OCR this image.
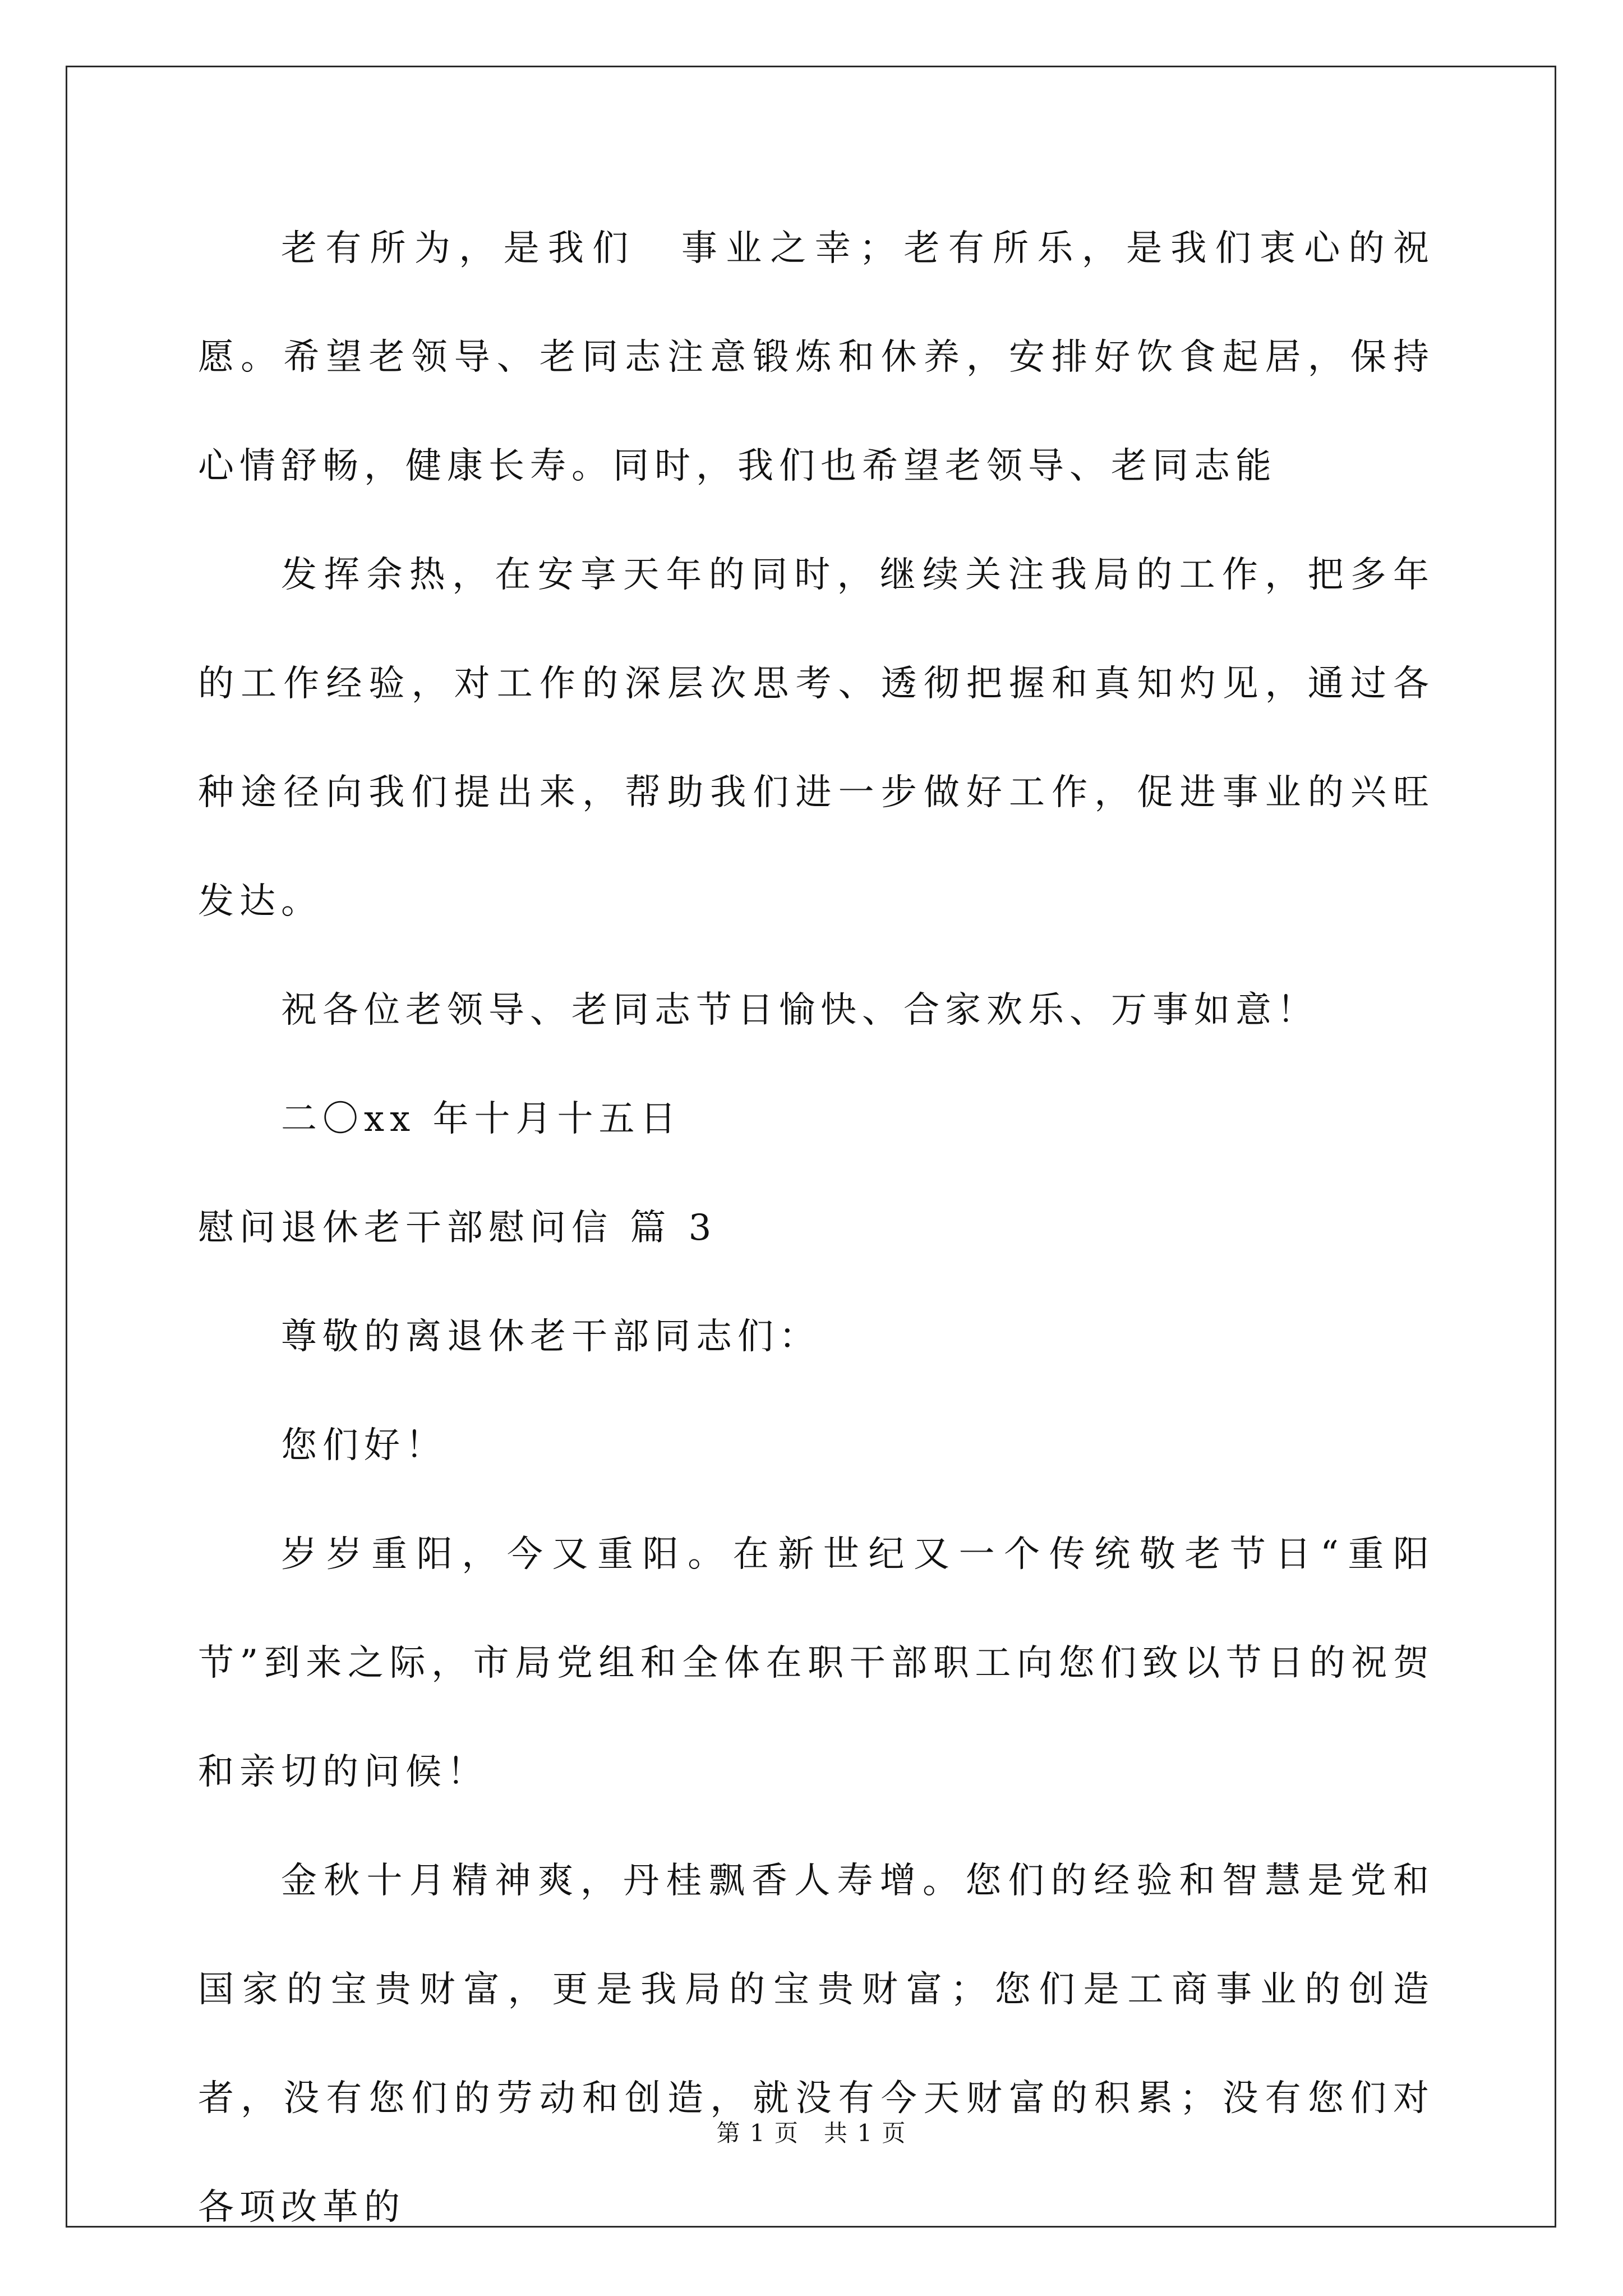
老有所为，是我们　事业之幸；老有所乐，是我们衷心的祝愿。希望老领导、老同志注意锻炼和休养，安排好饮食起居，保持心情舒畅，健康长寿。同时，我们也希望老领导、老同志能

发挥余热，在安享天年的同时，继续关注我局的工作，把多年的工作经验，对工作的深层次思考、透彻把握和真知灼见，通过各种途径向我们提出来，帮助我们进一步做好工作，促进事业的兴旺发达。

祝各位老领导、老同志节日愉快、合家欢乐、万事如意！

二〇xx 年十月十五日

慰问退休老干部慰问信 篇 3

尊敬的离退休老干部同志们：

您们好！

岁岁重阳，今又重阳。在新世纪又一个传统敬老节日“重阳节”到来之际，市局党组和全体在职干部职工向您们致以节日的祝贺和亲切的问候！

金秋十月精神爽，丹桂飘香人寿增。您们的经验和智慧是党和国家的宝贵财富，更是我局的宝贵财富；您们是工商事业的创造者，没有您们的劳动和创造，就没有今天财富的积累；没有您们对各项改革的

第 1 页　共 1 页
